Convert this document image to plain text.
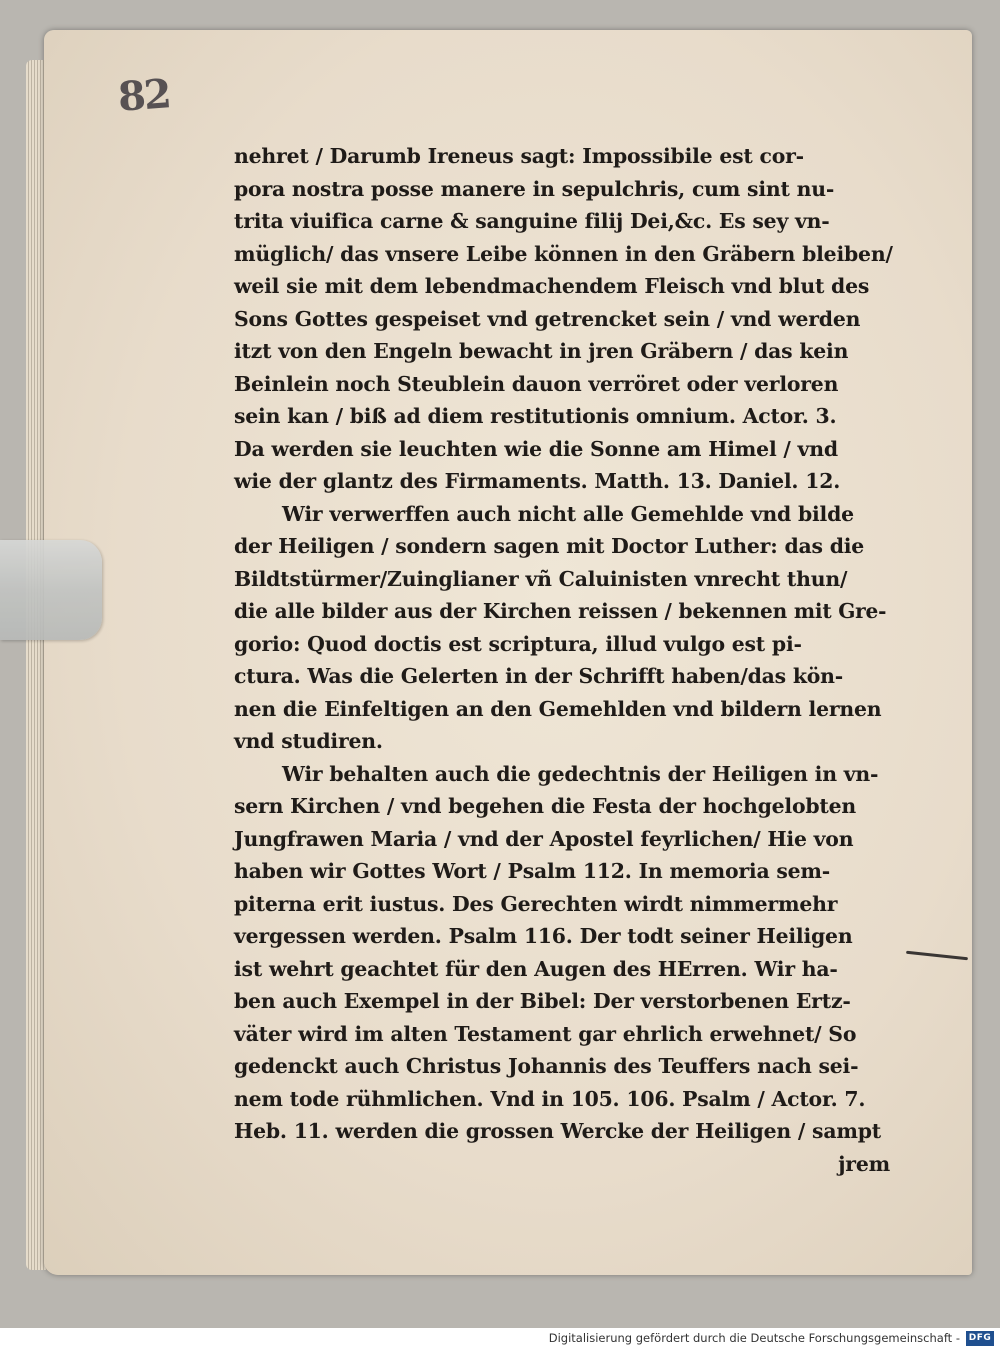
82
nehret / Darumb Ireneus sagt: Impossibile est cor-
pora nostra posse manere in sepulchris, cum sint nu-
trita viuifica carne & sanguine filij Dei,&c. Es sey vn-
müglich/ das vnsere Leibe können in den Gräbern bleiben/
weil sie mit dem lebendmachendem Fleisch vnd blut des
Sons Gottes gespeiset vnd getrencket sein / vnd werden
itzt von den Engeln bewacht in jren Gräbern / das kein
Beinlein noch Steublein dauon verröret oder verloren
sein kan / biß ad diem restitutionis omnium. Actor. 3.
Da werden sie leuchten wie die Sonne am Himel / vnd
wie der glantz des Firmaments. Matth. 13. Daniel. 12.
Wir verwerffen auch nicht alle Gemehlde vnd bilde
der Heiligen / sondern sagen mit Doctor Luther: das die
Bildtstürmer/Zuinglianer vñ Caluinisten vnrecht thun/
die alle bilder aus der Kirchen reissen / bekennen mit Gre-
gorio: Quod doctis est scriptura, illud vulgo est pi-
ctura. Was die Gelerten in der Schrifft haben/das kön-
nen die Einfeltigen an den Gemehlden vnd bildern lernen
vnd studiren.
Wir behalten auch die gedechtnis der Heiligen in vn-
sern Kirchen / vnd begehen die Festa der hochgelobten
Jungfrawen Maria / vnd der Apostel feyrlichen/ Hie von
haben wir Gottes Wort / Psalm 112. In memoria sem-
piterna erit iustus. Des Gerechten wirdt nimmermehr
vergessen werden. Psalm 116. Der todt seiner Heiligen
ist wehrt geachtet für den Augen des HErren. Wir ha-
ben auch Exempel in der Bibel: Der verstorbenen Ertz-
väter wird im alten Testament gar ehrlich erwehnet/ So
gedenckt auch Christus Johannis des Teuffers nach sei-
nem tode rühmlichen. Vnd in 105. 106. Psalm / Actor. 7.
Heb. 11. werden die grossen Wercke der Heiligen / sampt
jrem
Digitalisierung gefördert durch die Deutsche Forschungsgemeinschaft - DFG
